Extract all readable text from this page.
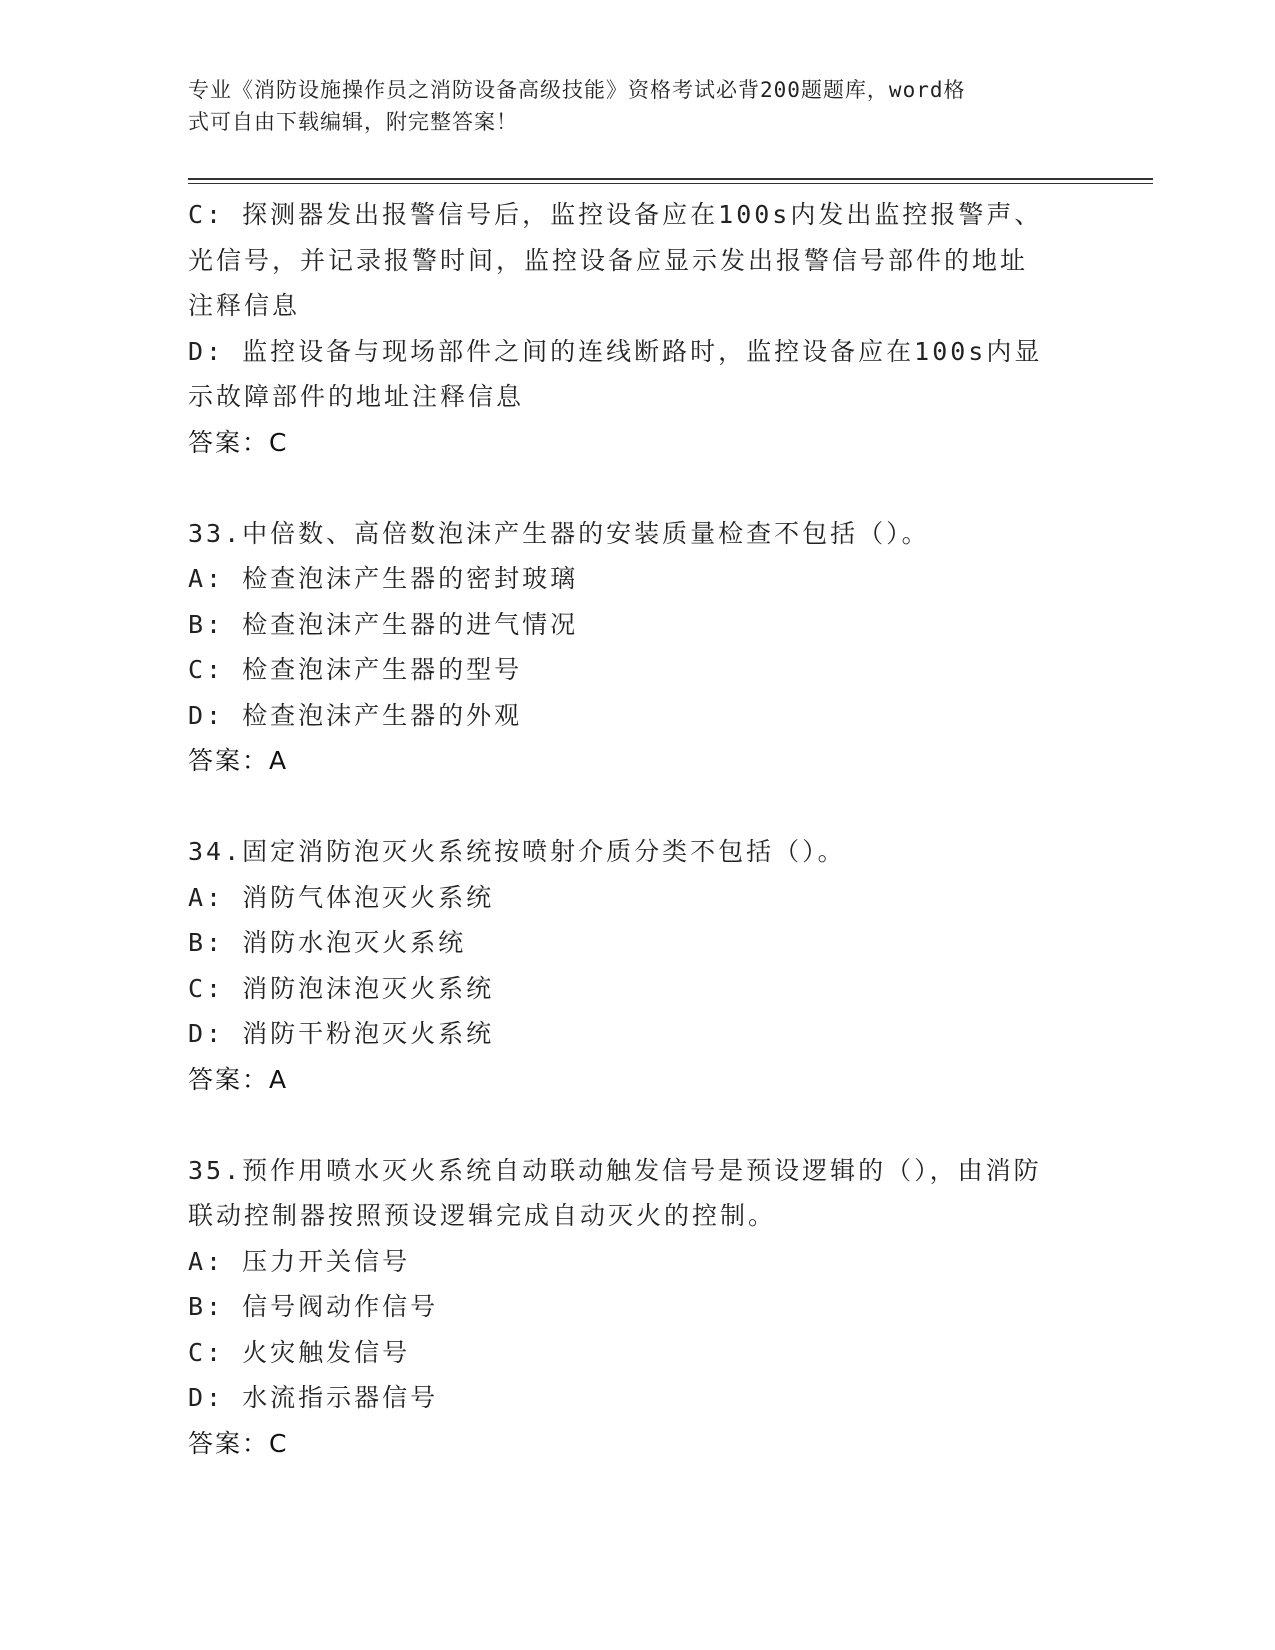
专业《消防设施操作员之消防设备高级技能》资格考试必背200题题库，word格
式可自由下载编辑，附完整答案！
C: 探测器发出报警信号后，监控设备应在100s内发出监控报警声、
光信号，并记录报警时间，监控设备应显示发出报警信号部件的地址
注释信息
D: 监控设备与现场部件之间的连线断路时，监控设备应在100s内显
示故障部件的地址注释信息
答案：C
33.中倍数、高倍数泡沫产生器的安装质量检查不包括（）。
A: 检查泡沫产生器的密封玻璃
B: 检查泡沫产生器的进气情况
C: 检查泡沫产生器的型号
D: 检查泡沫产生器的外观
答案：A
34.固定消防泡灭火系统按喷射介质分类不包括（）。
A: 消防气体泡灭火系统
B: 消防水泡灭火系统
C: 消防泡沫泡灭火系统
D: 消防干粉泡灭火系统
答案：A
35.预作用喷水灭火系统自动联动触发信号是预设逻辑的（），由消防
联动控制器按照预设逻辑完成自动灭火的控制。
A: 压力开关信号
B: 信号阀动作信号
C: 火灾触发信号
D: 水流指示器信号
答案：C
